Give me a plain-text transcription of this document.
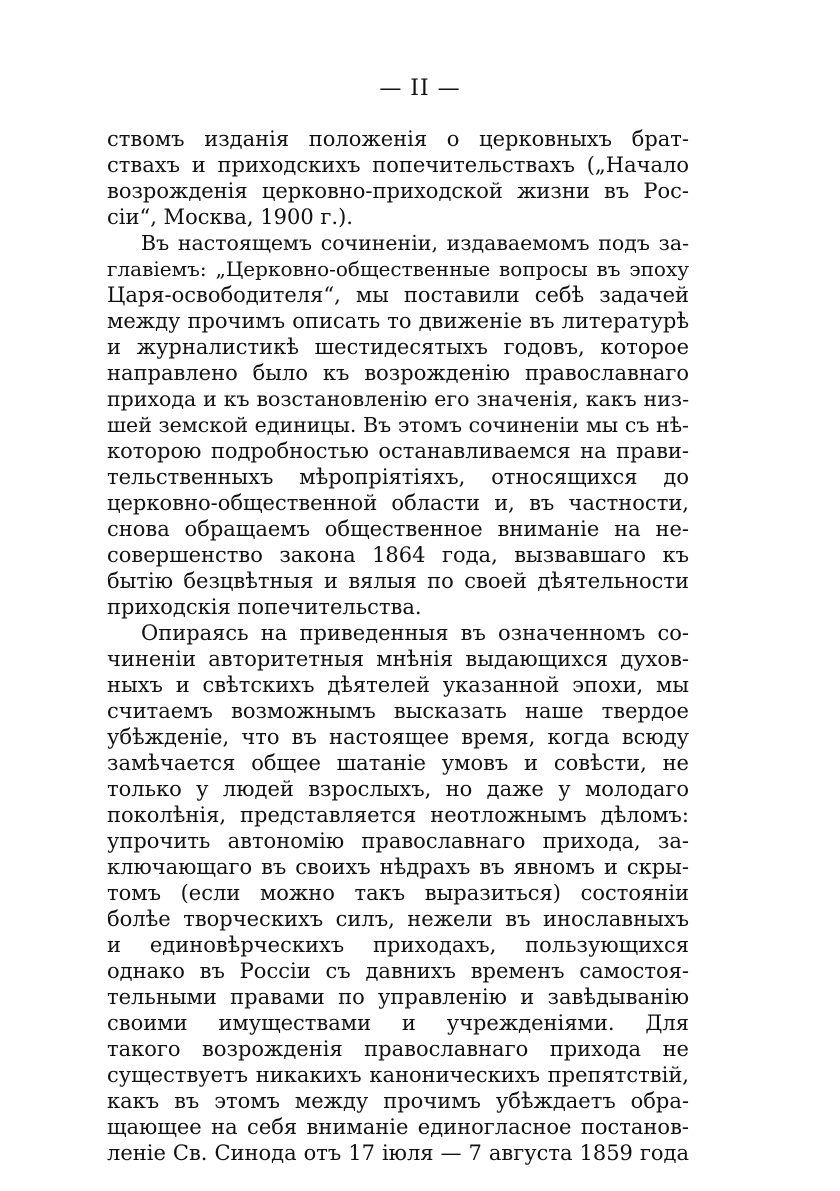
— II —
ствомъ изданія положенія о церковныхъ брат-
ствахъ и приходскихъ попечительствахъ („Начало
возрожденія церковно-приходской жизни въ Рос-
сіи“, Москва, 1900 г.).
Въ настоящемъ сочиненіи, издаваемомъ подъ за-
главіемъ: „Церковно-общественные вопросы въ эпоху
Царя-освободителя“, мы поставили себѣ задачей
между прочимъ описать то движеніе въ литературѣ
и журналистикѣ шестидесятыхъ годовъ, которое
направлено было къ возрожденію православнаго
прихода и къ возстановленію его значенія, какъ низ-
шей земской единицы. Въ этомъ сочиненіи мы съ нѣ-
которою подробностью останавливаемся на прави-
тельственныхъ мѣропріятіяхъ, относящихся до
церковно-общественной области и, въ частности,
снова обращаемъ общественное вниманіе на не-
совершенство закона 1864 года, вызвавшаго къ
бытію безцвѣтныя и вялыя по своей дѣятельности
приходскія попечительства.
Опираясь на приведенныя въ означенномъ со-
чиненіи авторитетныя мнѣнія выдающихся духов-
ныхъ и свѣтскихъ дѣятелей указанной эпохи, мы
считаемъ возможнымъ высказать наше твердое
убѣжденіе, что въ настоящее время, когда всюду
замѣчается общее шатаніе умовъ и совѣсти, не
только у людей взрослыхъ, но даже у молодаго
поколѣнія, представляется неотложнымъ дѣломъ:
упрочить автономію православнаго прихода, за-
ключающаго въ своихъ нѣдрахъ въ явномъ и скры-
томъ (если можно такъ выразиться) состояніи
болѣе творческихъ силъ, нежели въ инославныхъ
и единовѣрческихъ приходахъ, пользующихся
однако въ Россіи съ давнихъ временъ самостоя-
тельными правами по управленію и завѣдыванію
своими имуществами и учрежденіями. Для
такого возрожденія православнаго прихода не
существуетъ никакихъ каноническихъ препятствій,
какъ въ этомъ между прочимъ убѣждаетъ обра-
щающее на себя вниманіе единогласное постанов-
леніе Св. Синода отъ 17 іюля — 7 августа 1859 года
